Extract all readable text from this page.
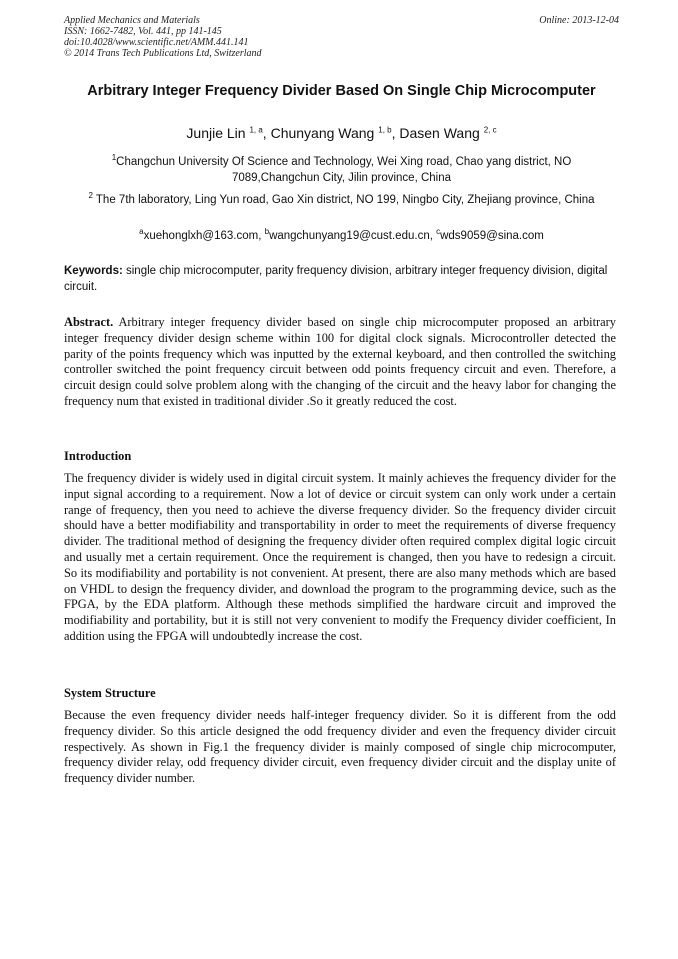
Applied Mechanics and Materials
ISSN: 1662-7482, Vol. 441, pp 141-145
doi:10.4028/www.scientific.net/AMM.441.141
© 2014 Trans Tech Publications Ltd, Switzerland
Online: 2013-12-04
Arbitrary Integer Frequency Divider Based On Single Chip Microcomputer
Junjie Lin $^{1, a}$, Chunyang Wang $^{1, b}$, Dasen Wang $^{2, c}$
$^1$Changchun University Of Science and Technology, Wei Xing road, Chao yang district, NO 7089,Changchun City, Jilin province, China
$^2$ The 7th laboratory, Ling Yun road, Gao Xin district, NO 199, Ningbo City, Zhejiang province, China
$^a$xuehonglxh@163.com, $^b$wangchunyang19@cust.edu.cn, $^c$wds9059@sina.com
Keywords: single chip microcomputer, parity frequency division, arbitrary integer frequency division, digital circuit.
Abstract. Arbitrary integer frequency divider based on single chip microcomputer proposed an arbitrary integer frequency divider design scheme within 100 for digital clock signals. Microcontroller detected the parity of the points frequency which was inputted by the external keyboard, and then controlled the switching controller switched the point frequency circuit between odd points frequency circuit and even. Therefore, a circuit design could solve problem along with the changing of the circuit and the heavy labor for changing the frequency num that existed in traditional divider .So it greatly reduced the cost.
Introduction
The frequency divider is widely used in digital circuit system. It mainly achieves the frequency divider for the input signal according to a requirement. Now a lot of device or circuit system can only work under a certain range of frequency, then you need to achieve the diverse frequency divider. So the frequency divider circuit should have a better modifiability and transportability in order to meet the requirements of diverse frequency divider. The traditional method of designing the frequency divider often required complex digital logic circuit and usually met a certain requirement. Once the requirement is changed, then you have to redesign a circuit. So its modifiability and portability is not convenient. At present, there are also many methods which are based on VHDL to design the frequency divider, and download the program to the programming device, such as the FPGA, by the EDA platform. Although these methods simplified the hardware circuit and improved the modifiability and portability, but it is still not very convenient to modify the Frequency divider coefficient, In addition using the FPGA will undoubtedly increase the cost.
System Structure
Because the even frequency divider needs half-integer frequency divider. So it is different from the odd frequency divider. So this article designed the odd frequency divider and even the frequency divider circuit respectively. As shown in Fig.1 the frequency divider is mainly composed of single chip microcomputer, frequency divider relay, odd frequency divider circuit, even frequency divider circuit and the display unite of frequency divider number.
